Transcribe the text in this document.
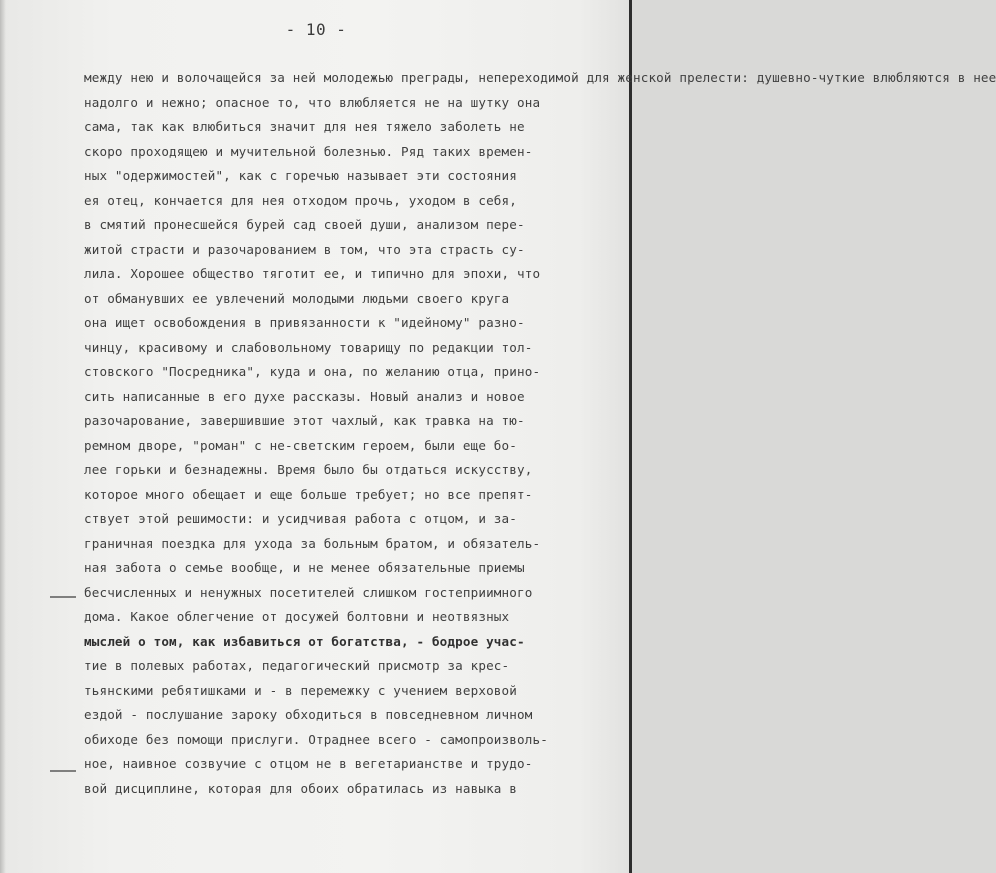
- 10 -
между нею и волочащейся за ней молодежью преграды, непереходимой для женской прелести: душевно-чуткие влюбляются в нее
надолго и нежно; опасное то, что влюбляется не на шутку она
сама, так как влюбиться значит для нея тяжело заболеть не
скоро проходящею и мучительной болезнью. Ряд таких времен-
ных "одержимостей", как с горечью называет эти состояния
ея отец, кончается для нея отходом прочь, уходом в себя,
в смятий пронесшейся бурей сад своей души, анализом пере-
житой страсти и разочарованием в том, что эта страсть су-
лила. Хорошее общество тяготит ее, и типично для эпохи, что
от обманувших ее увлечений молодыми людьми своего круга
она ищет освобождения в привязанности к "идейному" разно-
чинцу, красивому и слабовольному товарищу по редакции тол-
стовского "Посредника", куда и она, по желанию отца, прино-
сить написанные в его духе рассказы. Новый анализ и новое
разочарование, завершившие этот чахлый, как травка на тю-
ремном дворе, "роман" с не-светским героем, были еще бо-
лее горьки и безнадежны. Время было бы отдаться искусству,
которое много обещает и еще больше требует; но все препят-
ствует этой решимости: и усидчивая работа с отцом, и за-
граничная поездка для ухода за больным братом, и обязатель-
ная забота о семье вообще, и не менее обязательные приемы
бесчисленных и ненужных посетителей слишком гостеприимного
дома. Какое облегчение от досужей болтовни и неотвязных
мыслей о том, как избавиться от богатства, - бодрое учас-
тие в полевых работах, педагогический присмотр за крес-
тьянскими ребятишками и - в перемежку с учением верховой
ездой - послушание зароку обходиться в повседневном личном
обиходе без помощи прислуги. Отраднее всего - самопроизволь-
ное, наивное созвучие с отцом не в вегетарианстве и трудо-
вой дисциплине, которая для обоих обратилась из навыка в
